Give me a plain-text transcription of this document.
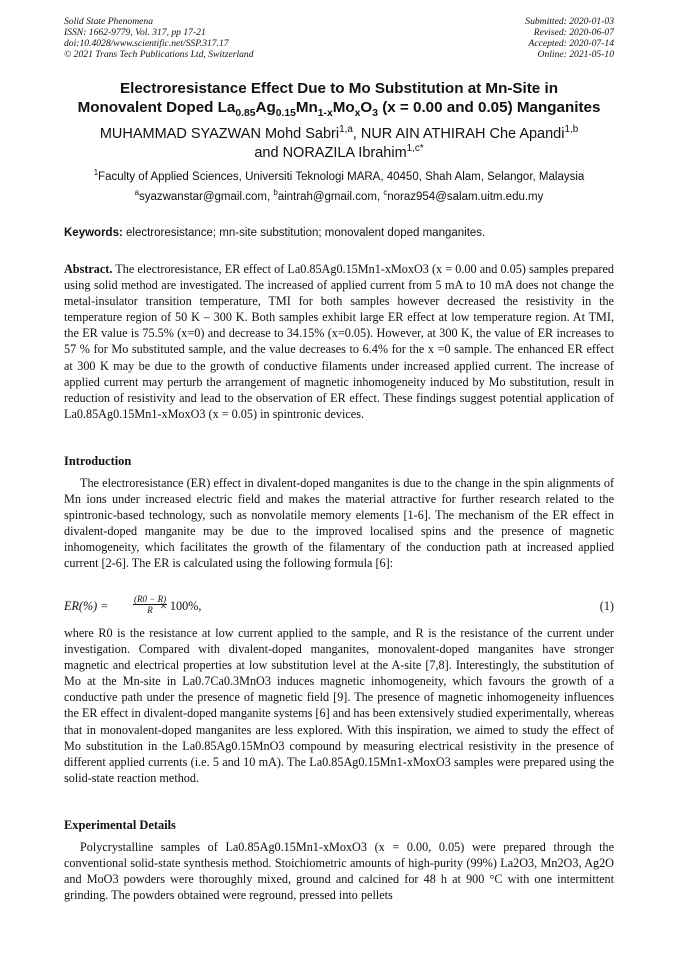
Solid State Phenomena
ISSN: 1662-9779, Vol. 317, pp 17-21
doi:10.4028/www.scientific.net/SSP.317.17
© 2021 Trans Tech Publications Ltd, Switzerland
Submitted: 2020-01-03
Revised: 2020-06-07
Accepted: 2020-07-14
Online: 2021-05-10
Electroresistance Effect Due to Mo Substitution at Mn-Site in
Monovalent Doped $La_{0.85}Ag_{0.15}Mn_{1-x}Mo_xO_3$ (x = 0.00 and 0.05) Manganites
MUHAMMAD SYAZWAN Mohd Sabri$^{1,a}$, NUR AIN ATHIRAH Che Apandi$^{1,b}$
and NORAZILA Ibrahim$^{1,c*}$
$^1$Faculty of Applied Sciences, Universiti Teknologi MARA, 40450, Shah Alam, Selangor, Malaysia
$^a$syazwanstar@gmail.com, $^b$aintrah@gmail.com, $^c$noraz954@salam.uitm.edu.my
Keywords: electroresistance; mn-site substitution; monovalent doped manganites.

Abstract. The electroresistance, ER effect of La0.85Ag0.15Mn1-xMoxO3 (x = 0.00 and 0.05) samples prepared using solid method are investigated. The increased of applied current from 5 mA to 10 mA does not change the metal-insulator transition temperature, TMI for both samples however decreased the resistivity in the temperature region of 50 K – 300 K. Both samples exhibit large ER effect at low temperature region. At TMI, the ER value is 75.5% (x=0) and decrease to 34.15% (x=0.05). However, at 300 K, the value of ER increases to 57 % for Mo substituted sample, and the value decreases to 6.4% for the x =0 sample. The enhanced ER effect at 300 K may be due to the growth of conductive filaments under increased applied current. The increase of applied current may perturb the arrangement of magnetic inhomogeneity induced by Mo substitution, result in reduction of resistivity and lead to the observation of ER effect. These findings suggest potential application of La0.85Ag0.15Mn1-xMoxO3 (x = 0.05) in spintronic devices.

Introduction

The electroresistance (ER) effect in divalent-doped manganites is due to the change in the spin alignments of Mn ions under increased electric field and makes the material attractive for further research related to the spintronic-based technology, such as nonvolatile memory elements [1-6]. The mechanism of the ER effect in divalent-doped manganite may be due to the improved localised spins and the presence of magnetic inhomogeneity, which facilitates the growth of the filamentary of the conduction path at increased applied current [2-6]. The ER is calculated using the following formula [6]:

ER(%) =	$\frac{(R0 - R)}{R}$
× 100%,	(1)

where R0 is the resistance at low current applied to the sample, and R is the resistance of the current under investigation. Compared with divalent-doped manganites, monovalent-doped manganites have stronger magnetic and electrical properties at low substitution level at the A-site [7,8]. Interestingly, the substitution of Mo at the Mn-site in La0.7Ca0.3MnO3 induces magnetic inhomogeneity, which favours the growth of a conductive path under the presence of magnetic field [9]. The presence of magnetic inhomogeneity influences the ER effect in divalent-doped manganite systems [6] and has been extensively studied experimentally, whereas that in monovalent-doped manganites are less explored. With this inspiration, we aimed to study the effect of Mo substitution in the La0.85Ag0.15MnO3 compound by measuring electrical resistivity in the presence of different applied currents (i.e. 5 and 10 mA). The La0.85Ag0.15Mn1-xMoxO3 samples were prepared using the solid-state reaction method.

Experimental Details

Polycrystalline samples of La0.85Ag0.15Mn1-xMoxO3 (x = 0.00, 0.05) were prepared through the conventional solid-state synthesis method. Stoichiometric amounts of high-purity (99%) La2O3, Mn2O3, Ag2O and MoO3 powders were thoroughly mixed, ground and calcined for 48 h at 900 °C with one intermittent grinding. The powders obtained were reground, pressed into pellets
